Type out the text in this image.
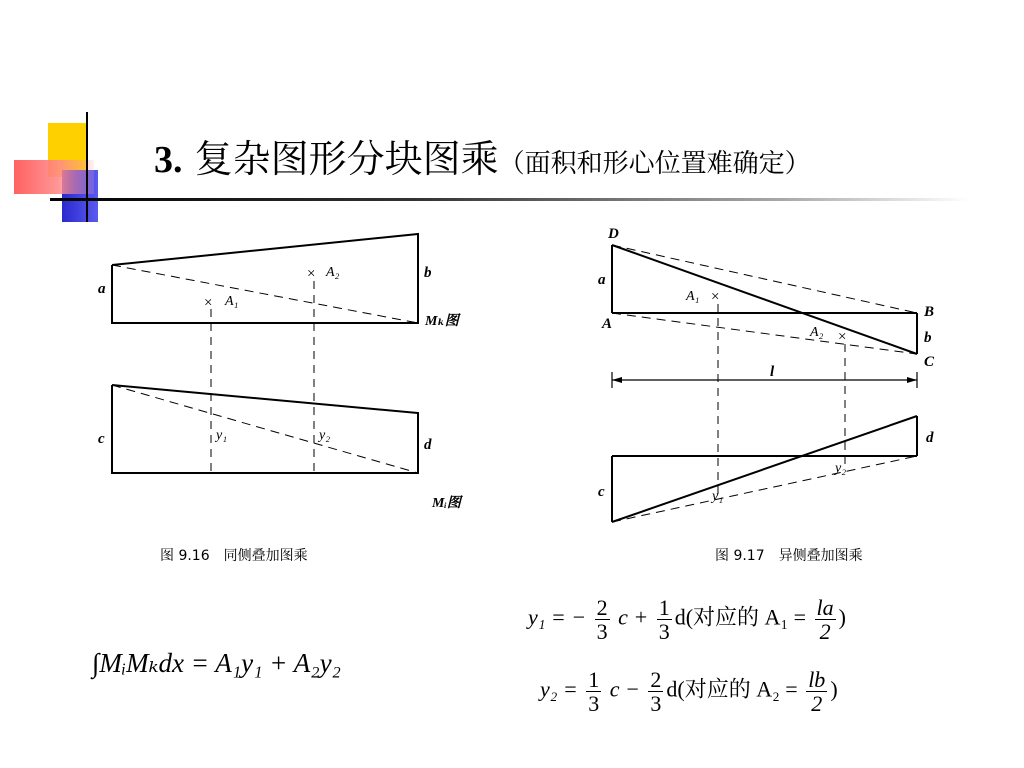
3. 复杂图形分块图乘（面积和形心位置难确定）
×
×
a
b
A₁
A₂
Mₖ图
c	d
y₁	y₂
Mᵢ图
图 9.16　同侧叠加图乘
×
×
D
a
A
B
b
C
A₁
A₂
l
d
c
y₂
y₁
图 9.17　异侧叠加图乘
∫MᵢMₖdx = A₁y₁ + A₂y₂
y₁ = − $\frac{2}{3}$ $c + \frac{1}{3} d$(对应的 $A_1 = \frac{la}{2}$ )
$y_2 = \frac{1}{3}$ $c - \frac{2}{3} d$(对应的 $A_2 = \frac{lb}{2}$ )
